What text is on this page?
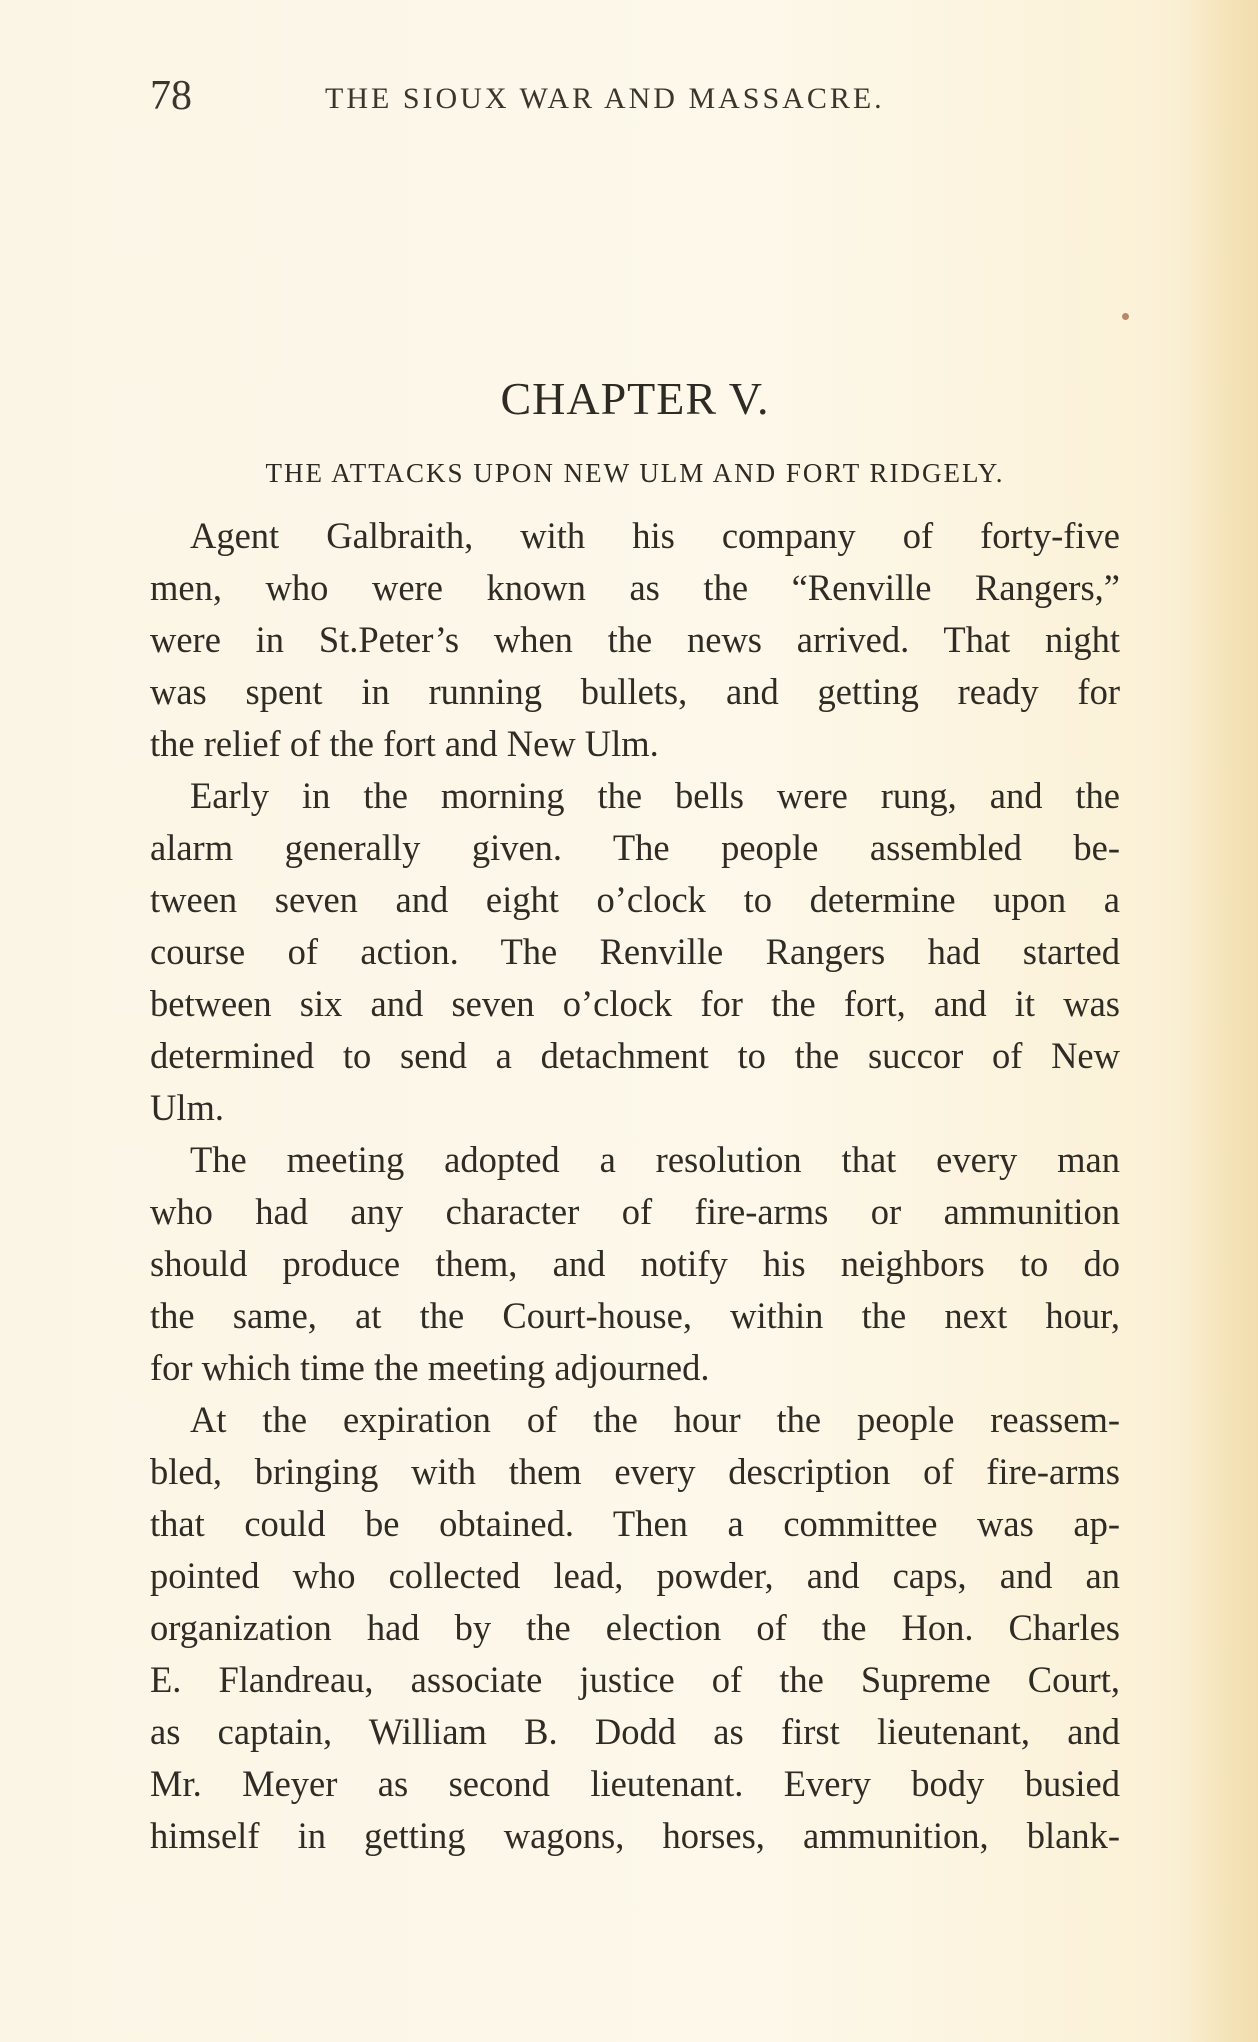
78	THE SIOUX WAR AND MASSACRE.
CHAPTER V.
THE ATTACKS UPON NEW ULM AND FORT RIDGELY.
Agent Galbraith, with his company of forty-five
men, who were known as the “Renville Rangers,”
were in St.Peter’s when the news arrived. That night
was spent in running bullets, and getting ready for
the relief of the fort and New Ulm.
Early in the morning the bells were rung, and the
alarm generally given. The people assembled be-
tween seven and eight o’clock to determine upon a
course of action. The Renville Rangers had started
between six and seven o’clock for the fort, and it was
determined to send a detachment to the succor of New
Ulm.
The meeting adopted a resolution that every man
who had any character of fire-arms or ammunition
should produce them, and notify his neighbors to do
the same, at the Court-house, within the next hour,
for which time the meeting adjourned.
At the expiration of the hour the people reassem-
bled, bringing with them every description of fire-arms
that could be obtained. Then a committee was ap-
pointed who collected lead, powder, and caps, and an
organization had by the election of the Hon. Charles
E. Flandreau, associate justice of the Supreme Court,
as captain, William B. Dodd as first lieutenant, and
Mr. Meyer as second lieutenant. Every body busied
himself in getting wagons, horses, ammunition, blank-
